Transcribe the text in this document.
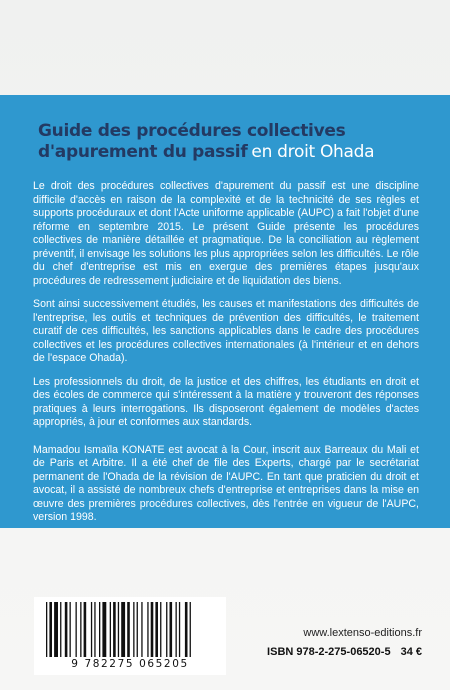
Guide des procédures collectives
d'apurement du passif en droit Ohada

Le droit des procédures collectives d'apurement du passif est une discipline difficile d'accès en raison de la complexité et de la technicité de ses règles et supports procéduraux et dont l'Acte uniforme applicable (AUPC) a fait l'objet d'une réforme en septembre 2015. Le présent Guide présente les procédures collectives de manière détaillée et pragmatique. De la conciliation au règlement préventif, il envisage les solutions les plus appropriées selon les difficultés. Le rôle du chef d'entreprise est mis en exergue des premières étapes jusqu'aux procédures de redressement judiciaire et de liquidation des biens.

Sont ainsi successivement étudiés, les causes et manifestations des difficultés de l'entreprise, les outils et techniques de prévention des difficultés, le traitement curatif de ces difficultés, les sanctions applicables dans le cadre des procédures collectives et les procédures collectives internationales (à l'intérieur et en dehors de l'espace Ohada).

Les professionnels du droit, de la justice et des chiffres, les étudiants en droit et des écoles de commerce qui s'intéressent à la matière y trouveront des réponses pratiques à leurs interrogations. Ils disposeront également de modèles d'actes appropriés, à jour et conformes aux standards.

Mamadou Ismaïla KONATE est avocat à la Cour, inscrit aux Barreaux du Mali et de Paris et Arbitre. Il a été chef de file des Experts, chargé par le secrétariat permanent de l'Ohada de la révision de l'AUPC. En tant que praticien du droit et avocat, il a assisté de nombreux chefs d'entreprise et entreprises dans la mise en œuvre des premières procédures collectives, dès l'entrée en vigueur de l'AUPC, version 1998.

9 782275 065205
www.lextenso-editions.fr
ISBN 978-2-275-06520-5 34 €
